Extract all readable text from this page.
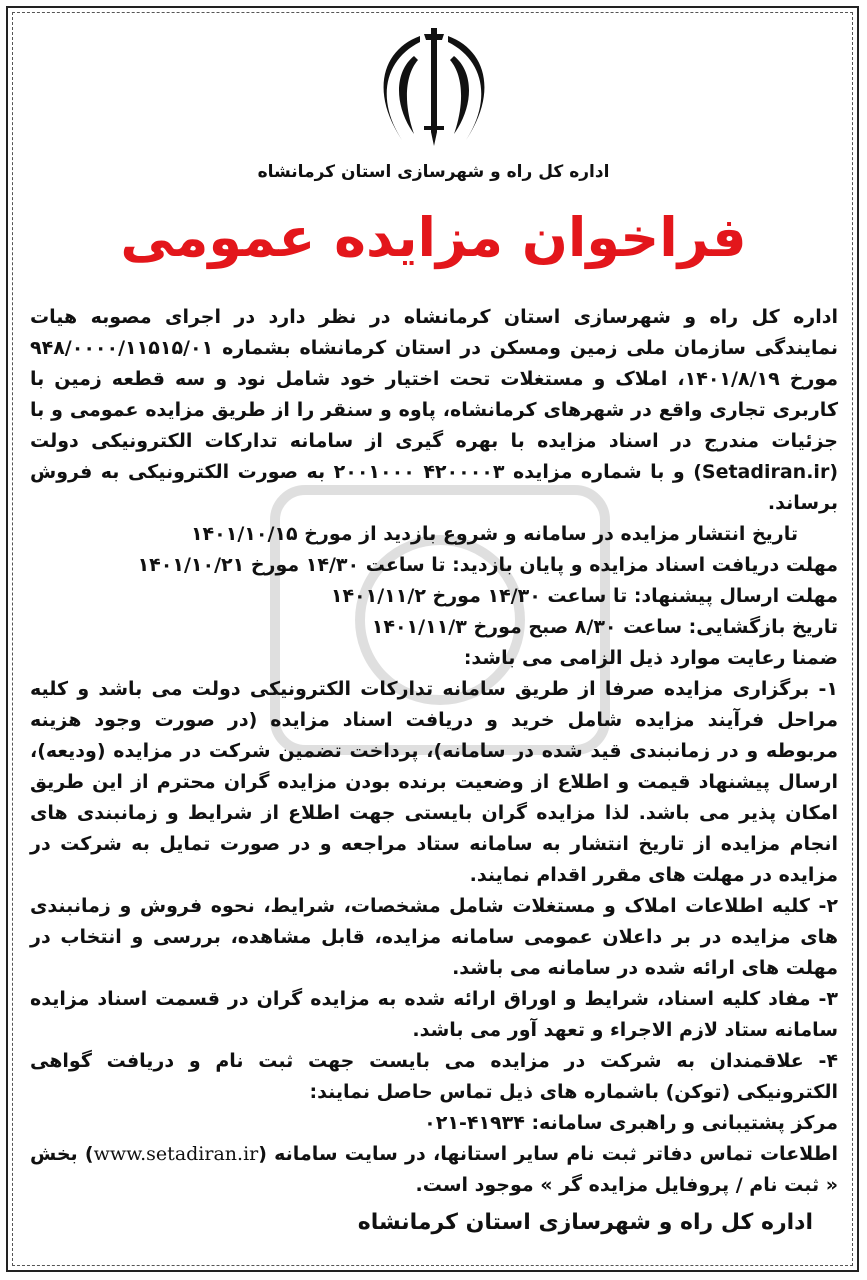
اداره کل راه و شهرسازی استان کرمانشاه
فراخوان مزایده عمومی

اداره کل راه و شهرسازی استان کرمانشاه در نظر دارد در اجرای مصوبه هیات نمایندگی سازمان ملی زمین ومسکن در استان کرمانشاه بشماره ۹۴۸/۰۰۰۰/۱۱۵۱۵/۰۱ مورخ ۱۴۰۱/۸/۱۹، املاک و مستغلات تحت اختیار خود شامل نود و سه قطعه زمین با کاربری تجاری واقع در شهرهای کرمانشاه، پاوه و سنقر را از طریق مزایده عمومی و با جزئیات مندرج در اسناد مزایده با بهره گیری از سامانه تدارکات الکترونیکی دولت (Setadiran.ir) و با شماره مزایده ۴۲۰۰۰۰۳ ۲۰۰۱۰۰۰ به صورت الکترونیکی به فروش برساند.

تاریخ انتشار مزایده در سامانه و شروع بازدید از مورخ ۱۴۰۱/۱۰/۱۵

مهلت دریافت اسناد مزایده و پایان بازدید: تا ساعت ۱۴/۳۰ مورخ ۱۴۰۱/۱۰/۲۱

مهلت ارسال پیشنهاد: تا ساعت ۱۴/۳۰ مورخ ۱۴۰۱/۱۱/۲

تاریخ بازگشایی: ساعت ۸/۳۰ صبح مورخ ۱۴۰۱/۱۱/۳

ضمنا رعایت موارد ذیل الزامی می باشد:

۱- برگزاری مزایده صرفا از طریق سامانه تدارکات الکترونیکی دولت می باشد و کلیه مراحل فرآیند مزایده شامل خرید و دریافت اسناد مزایده (در صورت وجود هزینه مربوطه و در زمانبندی قید شده در سامانه)، پرداخت تضمین شرکت در مزایده (ودیعه)، ارسال پیشنهاد قیمت و اطلاع از وضعیت برنده بودن مزایده گران محترم از این طریق امکان پذیر می باشد. لذا مزایده گران بایستی جهت اطلاع از شرایط و زمانبندی های انجام مزایده از تاریخ انتشار به سامانه ستاد مراجعه و در صورت تمایل به شرکت در مزایده در مهلت های مقرر اقدام نمایند.

۲- کلیه اطلاعات املاک و مستغلات شامل مشخصات، شرایط، نحوه فروش و زمانبندی های مزایده در بر داعلان عمومی سامانه مزایده، قابل مشاهده، بررسی و انتخاب در مهلت های ارائه شده در سامانه می باشد.

۳- مفاد کلیه اسناد، شرایط و اوراق ارائه شده به مزایده گران در قسمت اسناد مزایده سامانه ستاد لازم الاجراء و تعهد آور می باشد.

۴- علاقمندان به شرکت در مزایده می بایست جهت ثبت نام و دریافت گواهی الکترونیکی (توکن) باشماره های ذیل تماس حاصل نمایند:

مرکز پشتیبانی و راهبری سامانه: ۴۱۹۳۴-۰۲۱

اطلاعات تماس دفاتر ثبت نام سایر استانها، در سایت سامانه (www.setadiran.ir) بخش « ثبت نام / پروفایل مزایده گر » موجود است.

اداره کل راه و شهرسازی استان کرمانشاه
